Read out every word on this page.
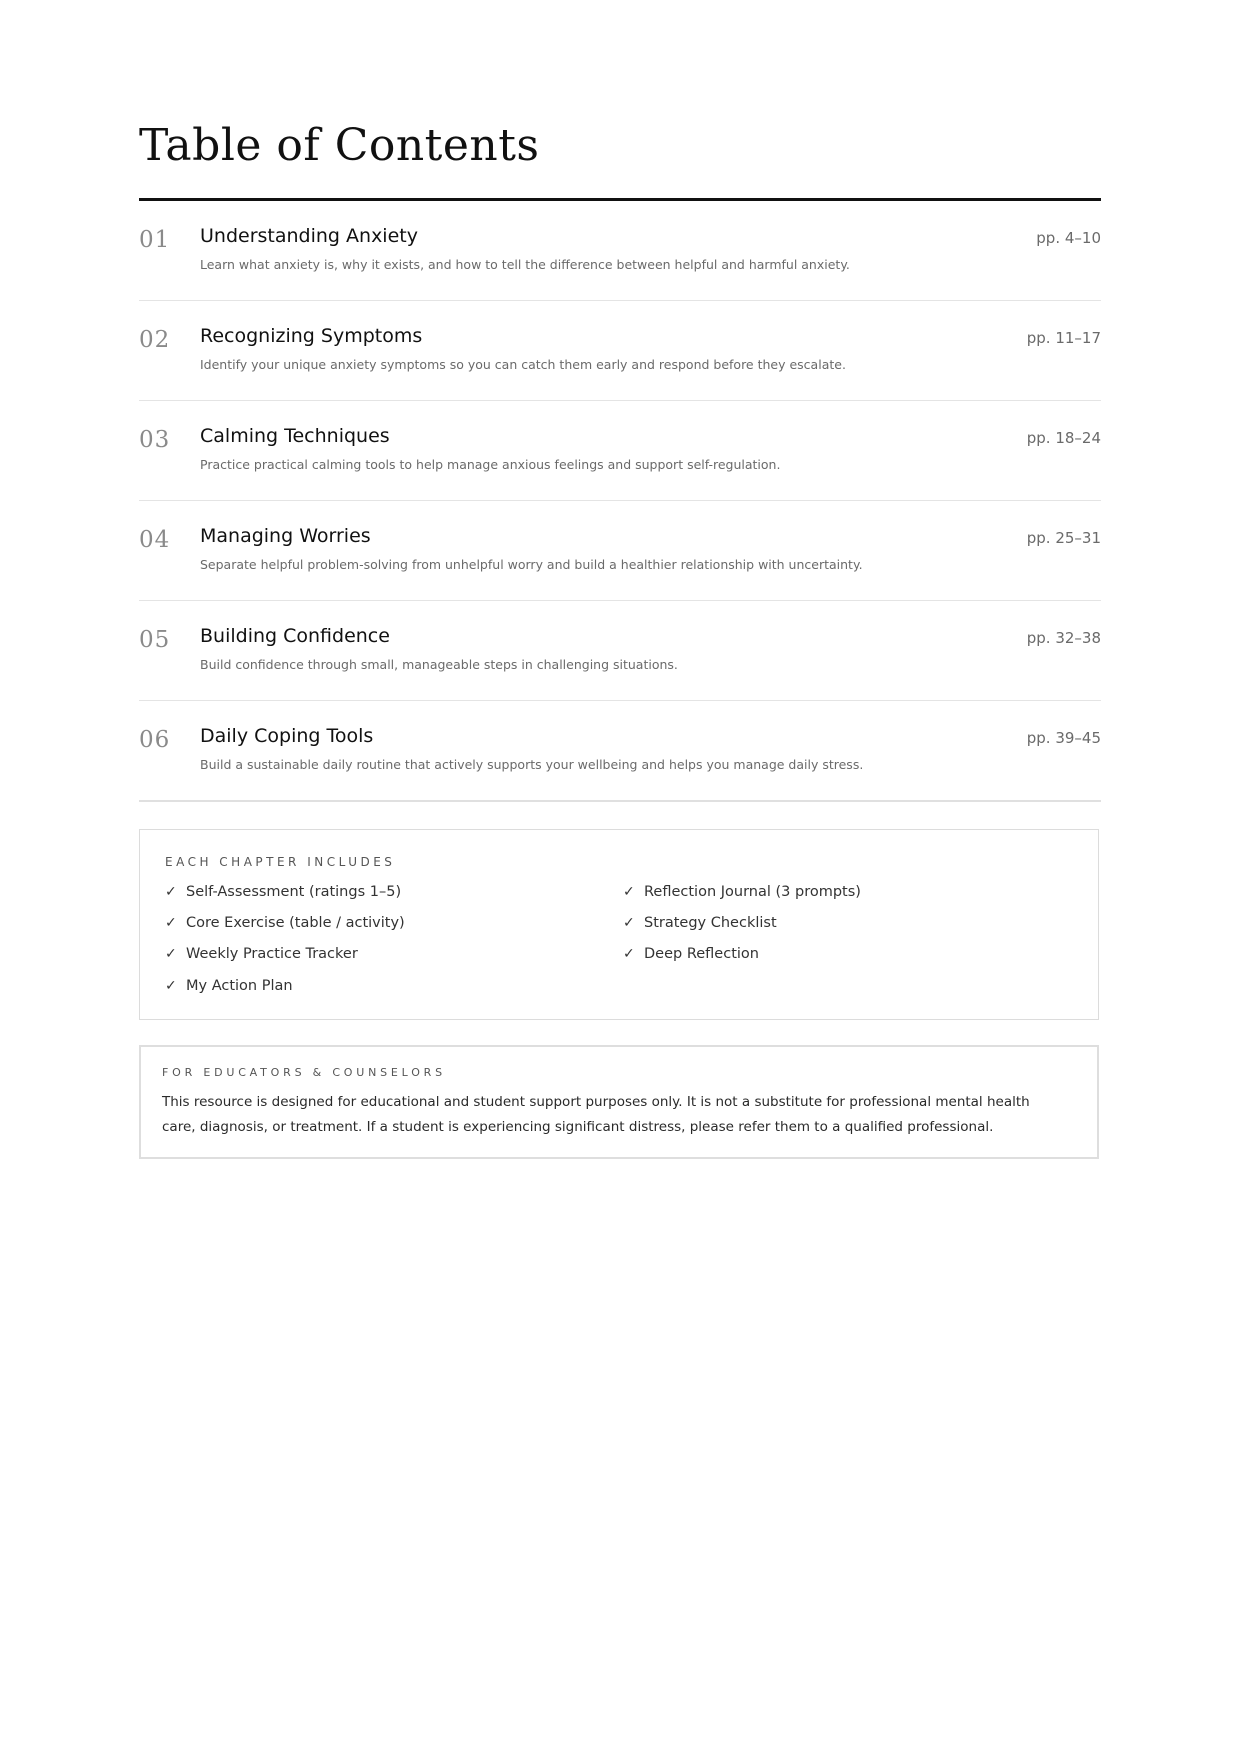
Table of Contents
01 Understanding Anxiety
Learn what anxiety is, why it exists, and how to tell the difference between helpful and harmful anxiety.
pp. 4–10
02 Recognizing Symptoms
Identify your unique anxiety symptoms so you can catch them early and respond before they escalate.
pp. 11–17
03 Calming Techniques
Practice practical calming tools to help manage anxious feelings and support self-regulation.
pp. 18–24
04 Managing Worries
Separate helpful problem-solving from unhelpful worry and build a healthier relationship with uncertainty.
pp. 25–31
05 Building Confidence
Build confidence through small, manageable steps in challenging situations.
pp. 32–38
06 Daily Coping Tools
Build a sustainable daily routine that actively supports your wellbeing and helps you manage daily stress.
pp. 39–45
EACH CHAPTER INCLUDES
✓ Self-Assessment (ratings 1–5)
✓ Core Exercise (table / activity)
✓ Weekly Practice Tracker
✓ My Action Plan
✓ Reflection Journal (3 prompts)
✓ Strategy Checklist
✓ Deep Reflection
FOR EDUCATORS & COUNSELORS

This resource is designed for educational and student support purposes only. It is not a substitute for professional mental health care, diagnosis, or treatment. If a student is experiencing significant distress, please refer them to a qualified professional.
